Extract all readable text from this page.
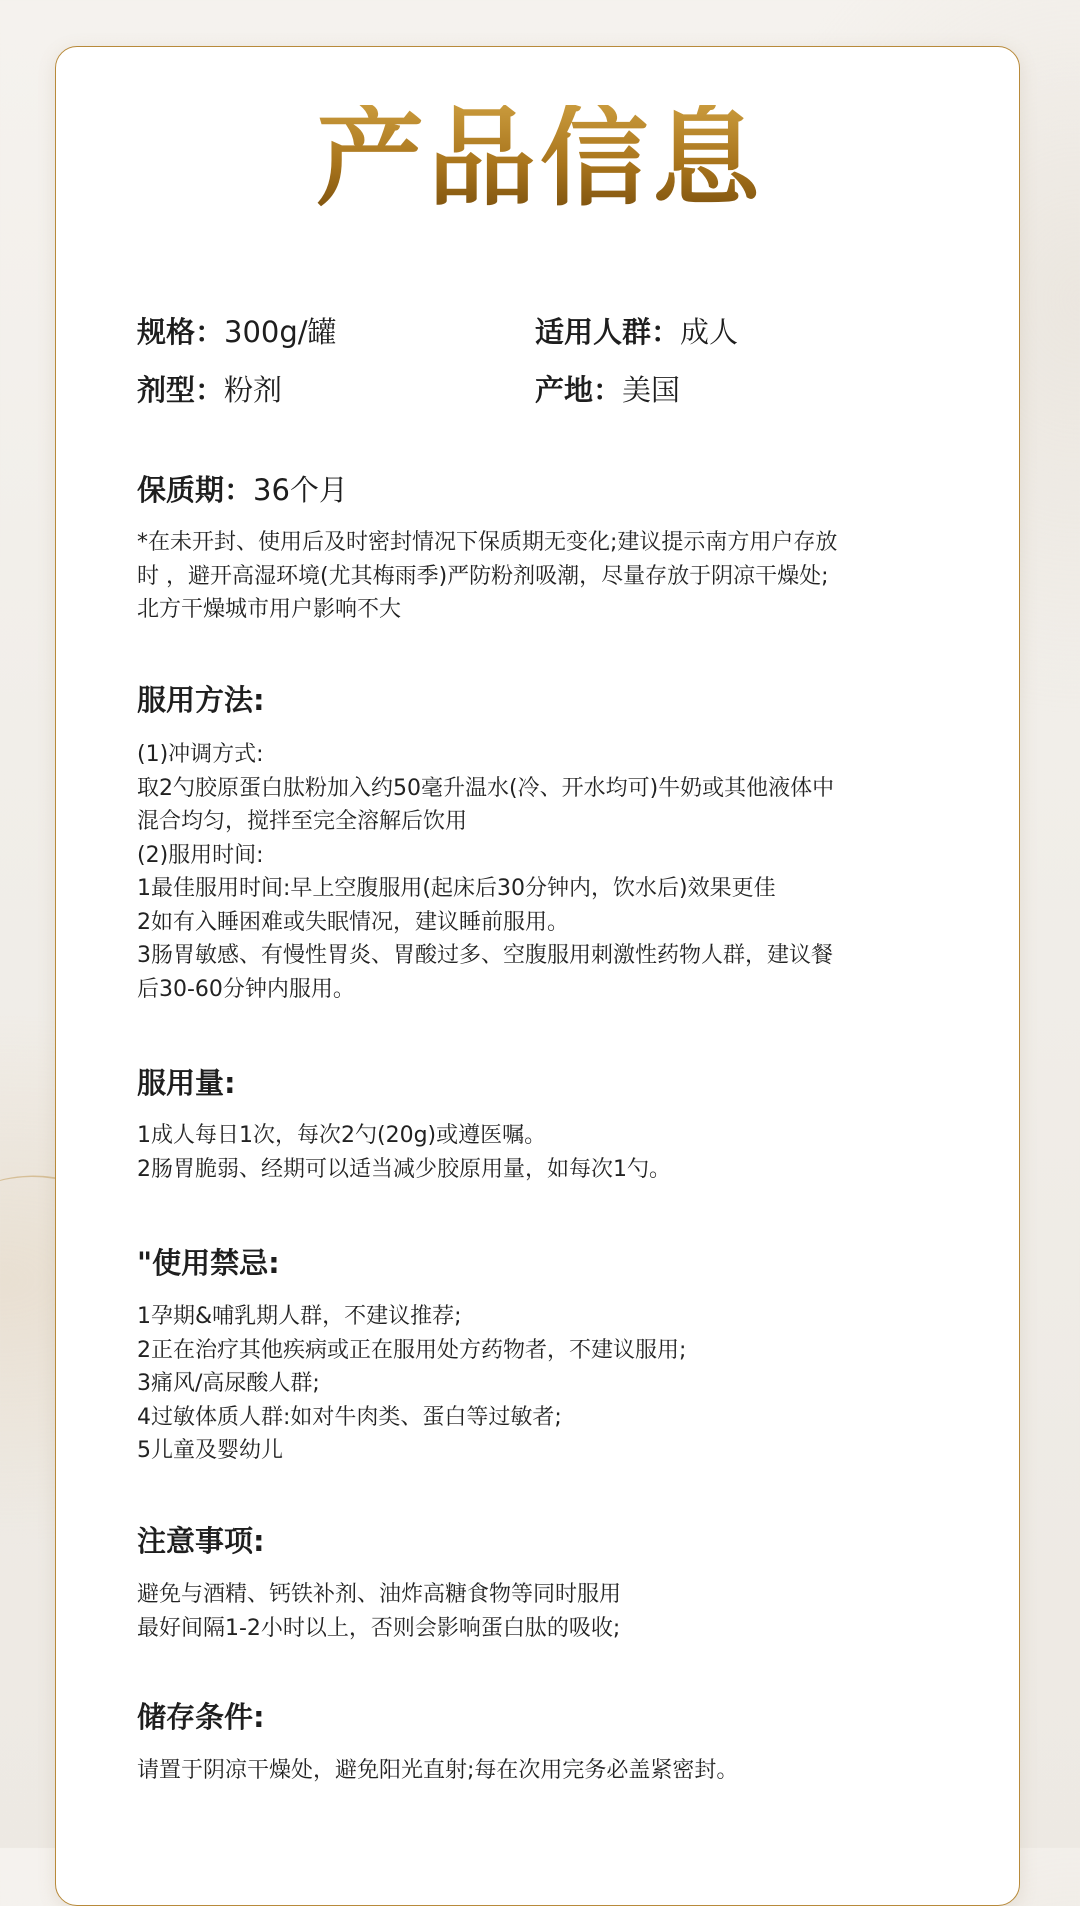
产品信息
规格：300g/罐	适用人群：成人
剂型：粉剂	产地：美国
保质期：36个月
*在未开封、使用后及时密封情况下保质期无变化;建议提示南方用户存放
时 ，避开高湿环境(尤其梅雨季)严防粉剂吸潮，尽量存放于阴凉干燥处;
北方干燥城市用户影响不大
服用方法:
(1)冲调方式:
取2勺胶原蛋白肽粉加入约50毫升温水(冷、开水均可)牛奶或其他液体中
混合均匀，搅拌至完全溶解后饮用
(2)服用时间:
1最佳服用时间:早上空腹服用(起床后30分钟内，饮水后)效果更佳
2如有入睡困难或失眠情况，建议睡前服用。
3肠胃敏感、有慢性胃炎、胃酸过多、空腹服用刺激性药物人群，建议餐
后30-60分钟内服用。
服用量:
1成人每日1次，每次2勺(20g)或遵医嘱。
2肠胃脆弱、经期可以适当减少胶原用量，如每次1勺。
"使用禁忌:
1孕期&哺乳期人群，不建议推荐;
2正在治疗其他疾病或正在服用处方药物者，不建议服用;
3痛风/高尿酸人群;
4过敏体质人群:如对牛肉类、蛋白等过敏者;
5儿童及婴幼儿
注意事项:
避免与酒精、钙铁补剂、油炸高糖食物等同时服用
最好间隔1-2小时以上，否则会影响蛋白肽的吸收;
储存条件:
请置于阴凉干燥处，避免阳光直射;每在次用完务必盖紧密封。
